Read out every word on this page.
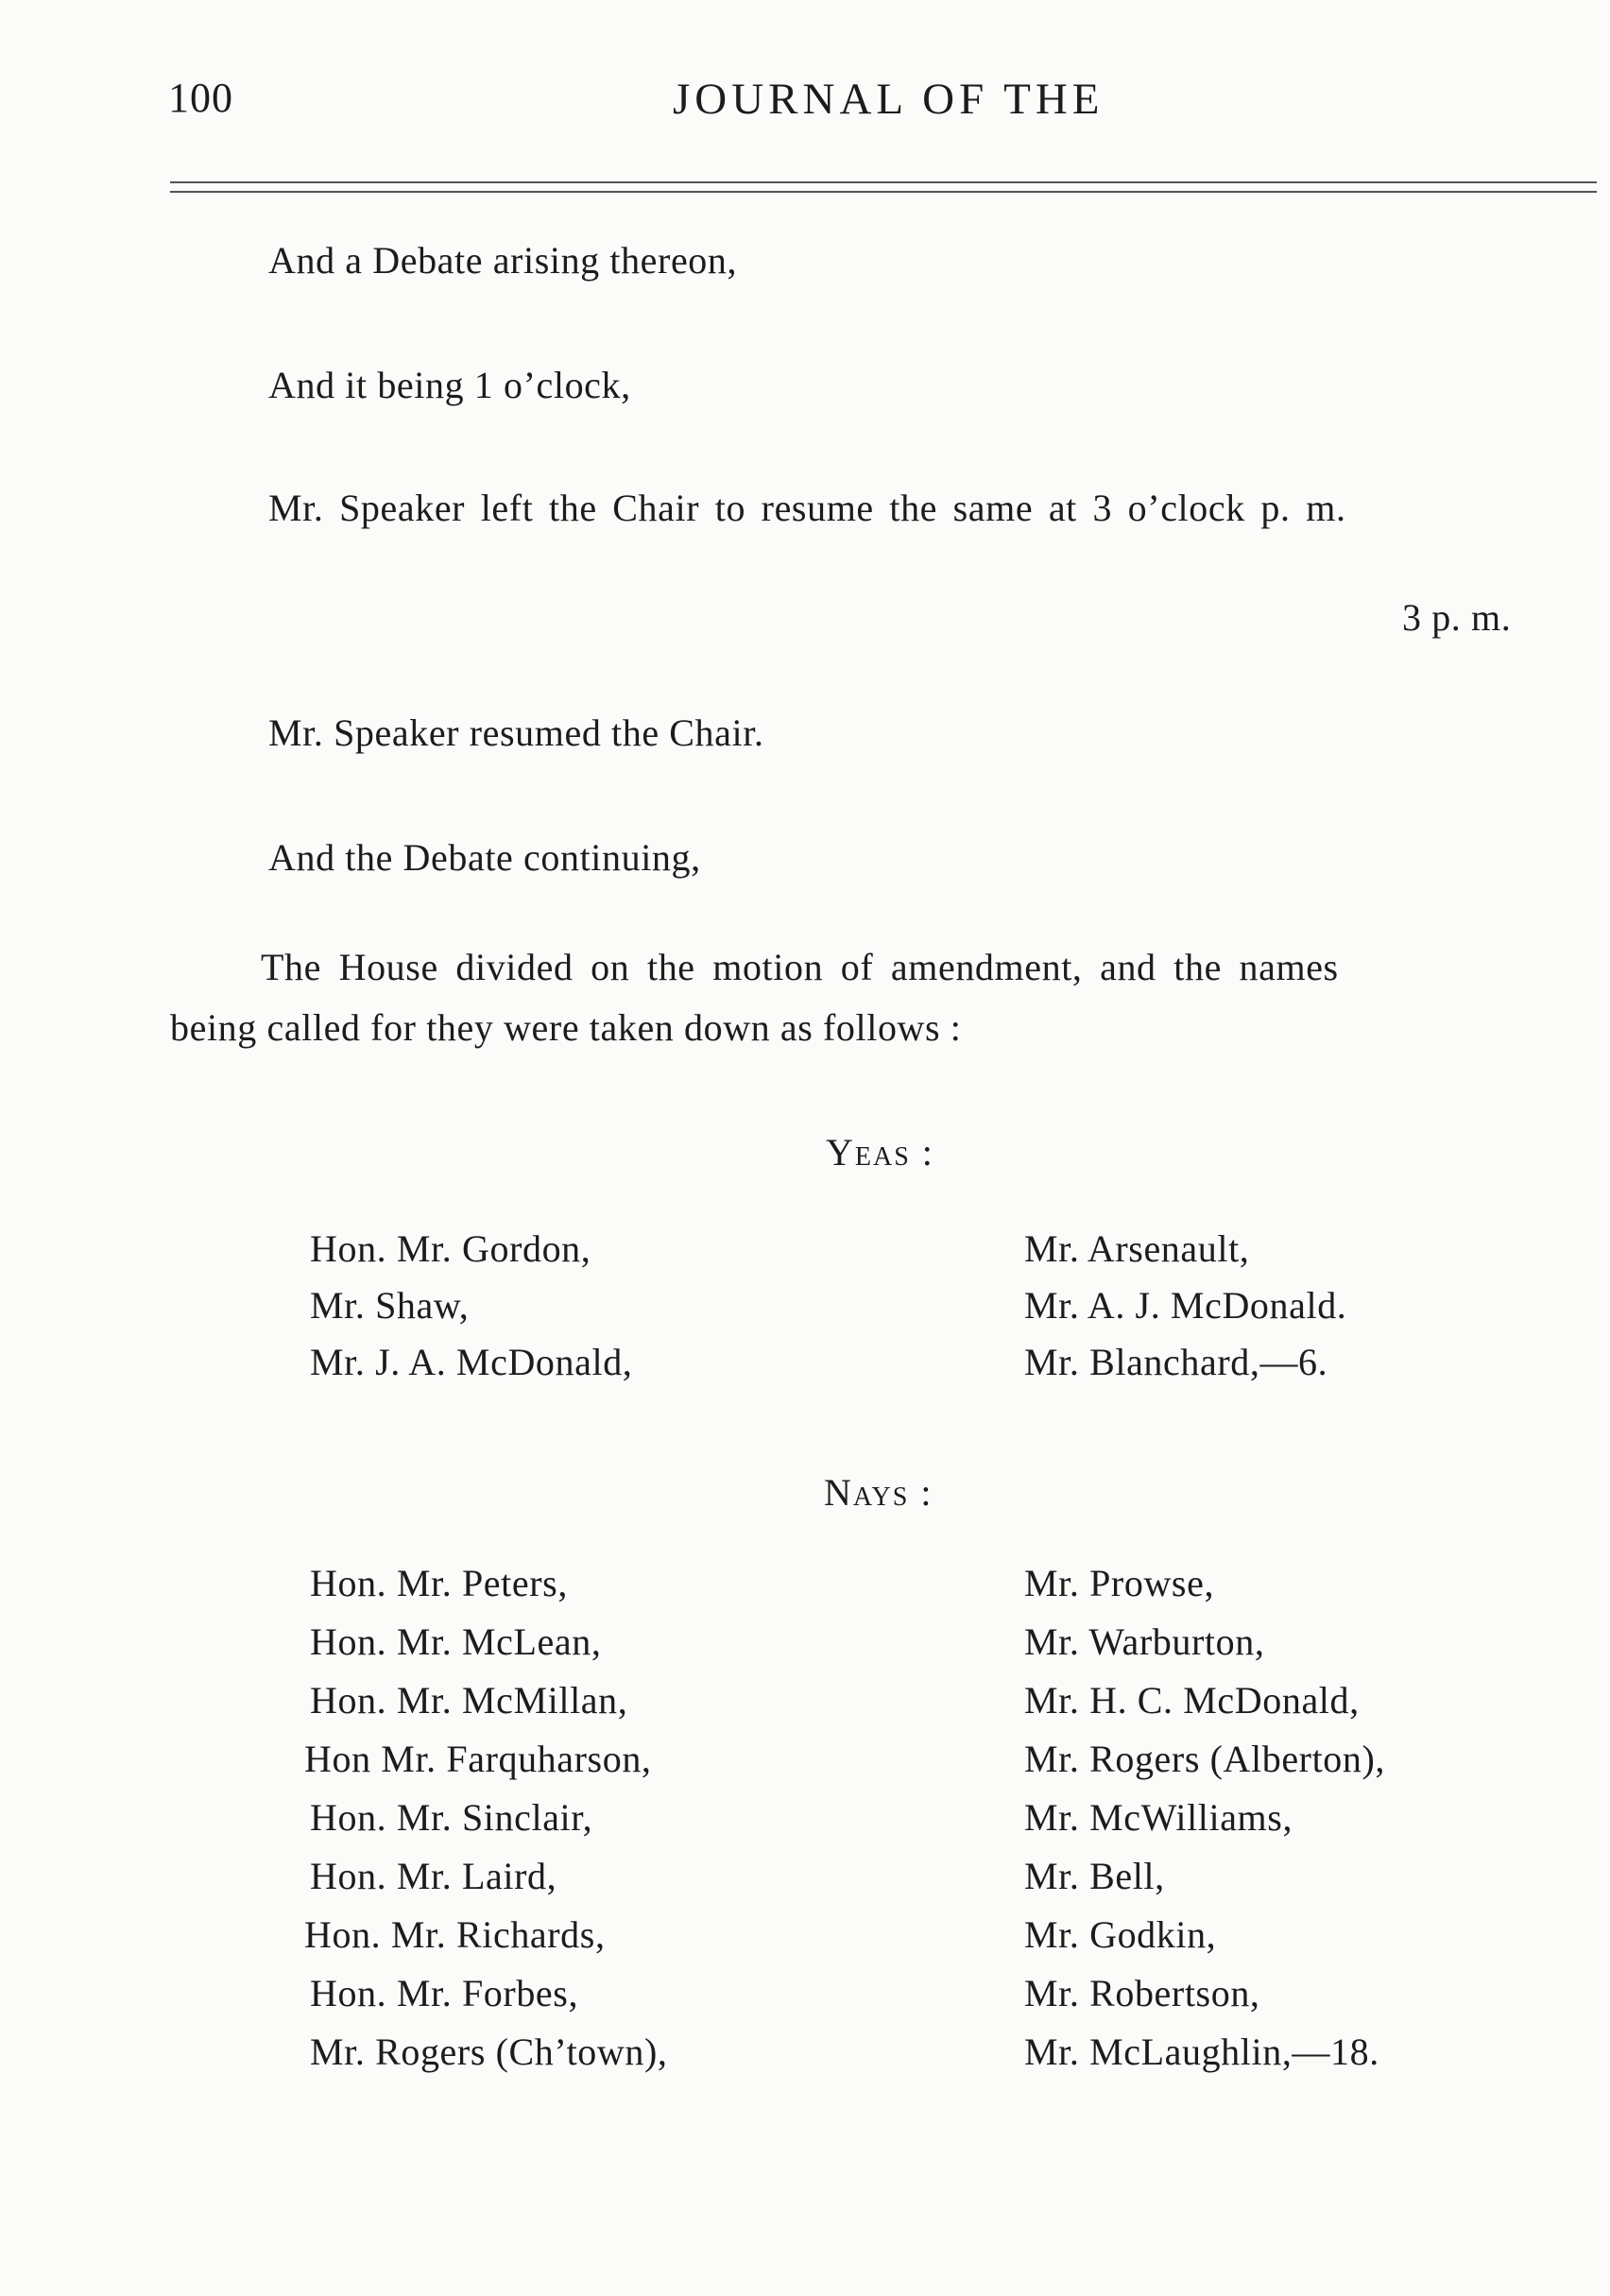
100	JOURNAL OF THE
And a Debate arising thereon,
And it being 1 o’clock,
Mr. Speaker left the Chair to resume the same at 3 o’clock p. m.
3 p. m.
Mr. Speaker resumed the Chair.
And the Debate continuing,
The House divided on the motion of amendment, and the names
being called for they were taken down as follows :
Yeas :
Hon. Mr. Gordon,
Mr. Shaw,
Mr. J. A. McDonald,
Mr. Arsenault,
Mr. A. J. McDonald.
Mr. Blanchard,—6.
Nays :
Hon. Mr. Peters,
Hon. Mr. McLean,
Hon. Mr. McMillan,
Hon Mr. Farquharson,
Hon. Mr. Sinclair,
Hon. Mr. Laird,
Hon. Mr. Richards,
Hon. Mr. Forbes,
Mr. Rogers (Ch’town),
Mr. Prowse,
Mr. Warburton,
Mr. H. C. McDonald,
Mr. Rogers (Alberton),
Mr. McWilliams,
Mr. Bell,
Mr. Godkin,
Mr. Robertson,
Mr. McLaughlin,—18.
